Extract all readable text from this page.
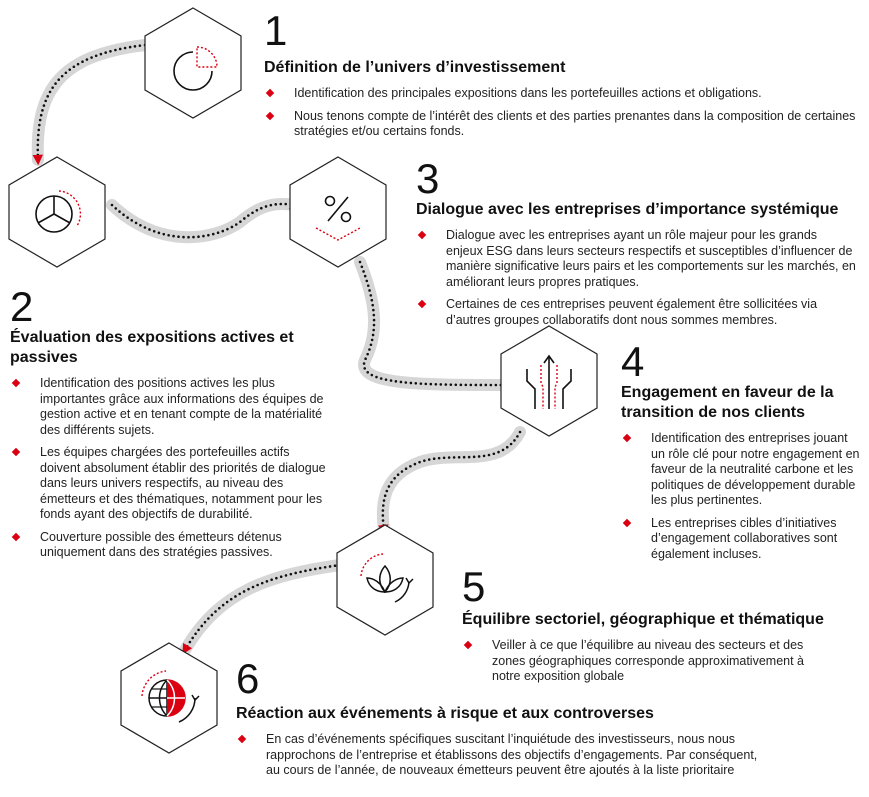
1
Définition de l’univers d’investissement
Identification des principales expositions dans les portefeuilles actions et obligations.
Nous tenons compte de l’intérêt des clients et des parties prenantes dans la composition de certaines stratégies et/ou certains fonds.
2
Évaluation des expositions actives et passives
Identification des positions actives les plus importantes grâce aux informations des équipes de gestion active et en tenant compte de la matérialité des différents sujets.
Les équipes chargées des portefeuilles actifs doivent absolument établir des priorités de dialogue dans leurs univers respectifs, au niveau des émetteurs et des thématiques, notamment pour les fonds ayant des objectifs de durabilité.
Couverture possible des émetteurs détenus uniquement dans des stratégies passives.
3
Dialogue avec les entreprises d’importance systémique
Dialogue avec les entreprises ayant un rôle majeur pour les grands enjeux ESG dans leurs secteurs respectifs et susceptibles d’influencer de manière significative leurs pairs et les comportements sur les marchés, en améliorant leurs propres pratiques.
Certaines de ces entreprises peuvent également être sollicitées via d’autres groupes collaboratifs dont nous sommes membres.
4
Engagement en faveur de la transition de nos clients
Identification des entreprises jouant un rôle clé pour notre engagement en faveur de la neutralité carbone et les politiques de développement durable les plus pertinentes.
Les entreprises cibles d’initiatives d’engagement collaboratives sont également incluses.
5
Équilibre sectoriel, géographique et thématique
Veiller à ce que l’équilibre au niveau des secteurs et des zones géographiques corresponde approximativement à notre exposition globale
6
Réaction aux événements à risque et aux controverses
En cas d’événements spécifiques suscitant l’inquiétude des investisseurs, nous nous rapprochons de l’entreprise et établissons des objectifs d’engagements. Par conséquent, au cours de l’année, de nouveaux émetteurs peuvent être ajoutés à la liste prioritaire
